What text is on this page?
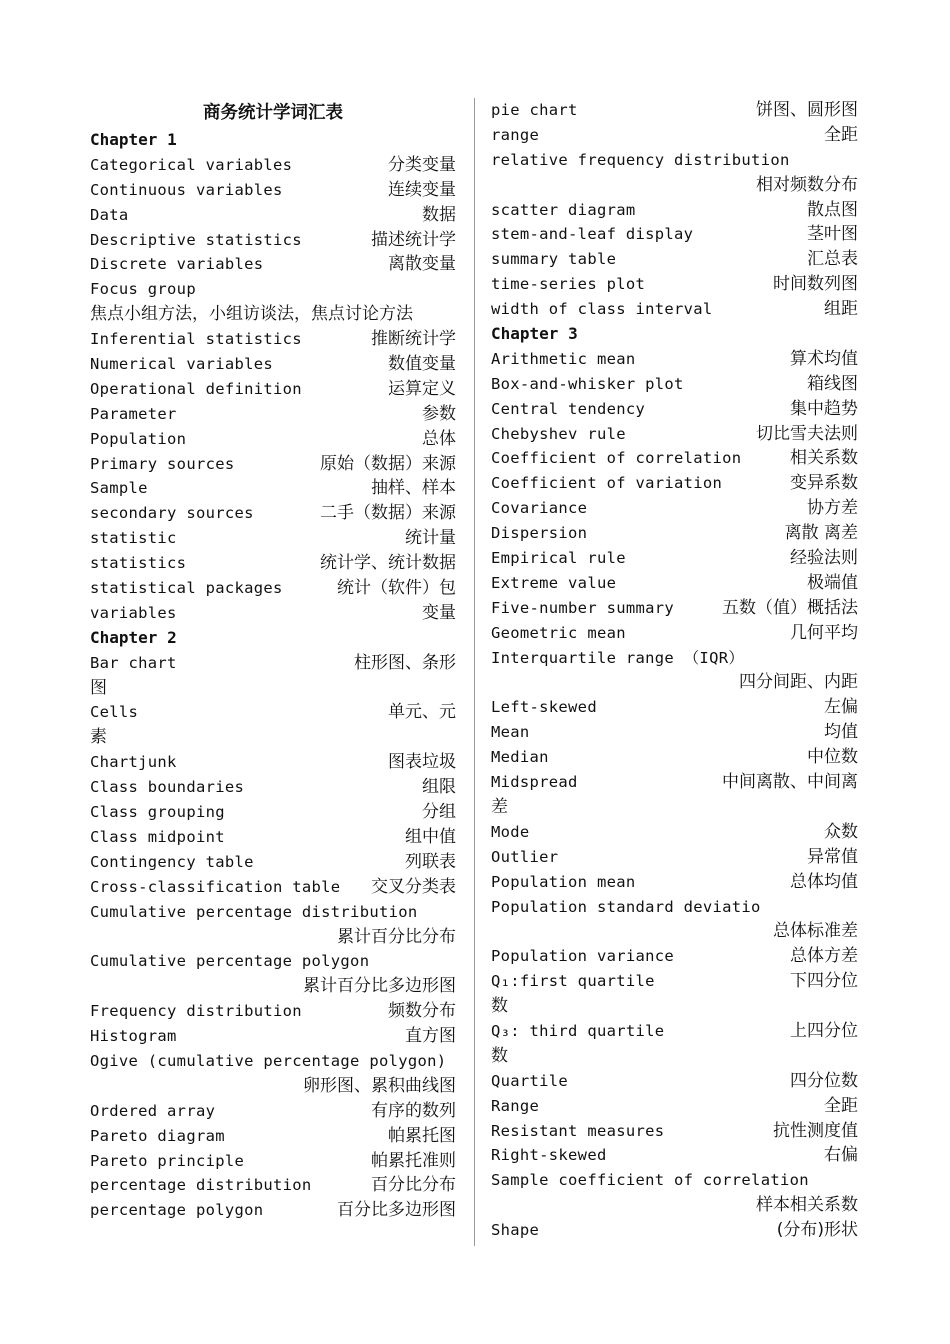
商务统计学词汇表
Chapter 1
Categorical variables	分类变量
Continuous variables	连续变量
Data	数据
Descriptive statistics	描述统计学
Discrete variables	离散变量
Focus group
焦点小组方法，小组访谈法，焦点讨论方法
Inferential statistics	推断统计学
Numerical variables	数值变量
Operational definition	运算定义
Parameter	参数
Population	总体
Primary sources	原始（数据）来源
Sample	抽样、样本
secondary sources	二手（数据）来源
statistic	统计量
statistics	统计学、统计数据
statistical packages	统计（软件）包
variables	变量
Chapter 2
Bar chart	柱形图、条形
图
Cells	单元、元
素
Chartjunk	图表垃圾
Class boundaries	组限
Class grouping	分组
Class midpoint	组中值
Contingency table	列联表
Cross-classification table 交叉分类表
Cumulative percentage distribution
累计百分比分布
Cumulative percentage polygon
累计百分比多边形图
Frequency distribution	频数分布
Histogram	直方图
Ogive (cumulative percentage polygon)
卵形图、累积曲线图
Ordered array	有序的数列
Pareto diagram	帕累托图
Pareto principle	帕累托准则
percentage distribution	百分比分布
percentage polygon	百分比多边形图
pie chart	饼图、圆形图
range	全距
relative frequency distribution
相对频数分布
scatter diagram	散点图
stem-and-leaf display	茎叶图
summary table	汇总表
time-series plot	时间数列图
width of class interval	组距
Chapter 3
Arithmetic mean	算术均值
Box-and-whisker plot	箱线图
Central tendency	集中趋势
Chebyshev rule	切比雪夫法则
Coefficient of correlation	相关系数
Coefficient of variation	变异系数
Covariance	协方差
Dispersion	离散 离差
Empirical rule	经验法则
Extreme value	极端值
Five-number summary	五数（值）概括法
Geometric mean	几何平均
Interquartile range （IQR）
四分间距、内距
Left-skewed	左偏
Mean	均值
Median	中位数
Midspread	中间离散、中间离
差
Mode	众数
Outlier	异常值
Population mean	总体均值
Population standard deviatio
总体标准差
Population variance	总体方差
Q₁:first quartile	下四分位
数
Q₃: third quartile	上四分位
数
Quartile	四分位数
Range	全距
Resistant measures	抗性测度值
Right-skewed	右偏
Sample coefficient of correlation
样本相关系数
Shape	(分布)形状
